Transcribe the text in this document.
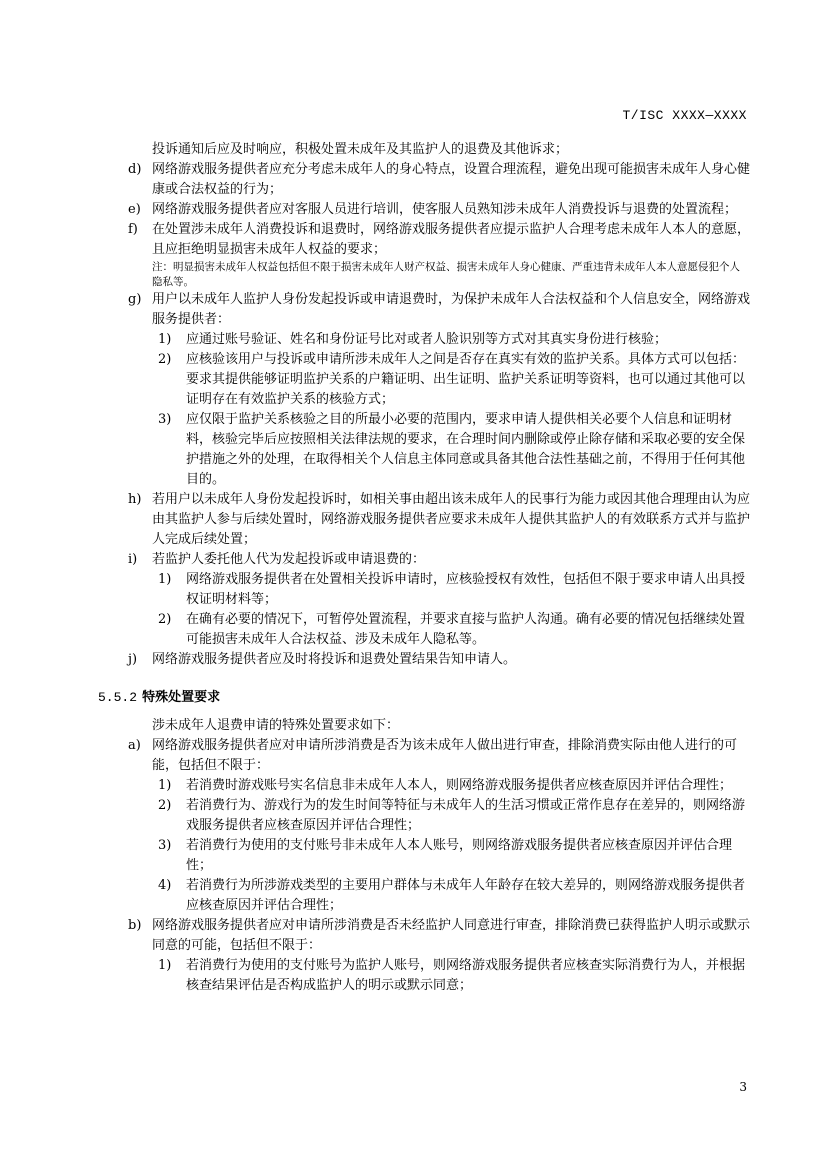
T/ISC XXXX—XXXX

投诉通知后应及时响应，积极处置未成年及其监护人的退费及其他诉求；

d) 网络游戏服务提供者应充分考虑未成年人的身心特点，设置合理流程，避免出现可能损害未成年人身心健康或合法权益的行为；
e) 网络游戏服务提供者应对客服人员进行培训，使客服人员熟知涉未成年人消费投诉与退费的处置流程；
f) 在处置涉未成年人消费投诉和退费时，网络游戏服务提供者应提示监护人合理考虑未成年人本人的意愿，且应拒绝明显损害未成年人权益的要求；
注：明显损害未成年人权益包括但不限于损害未成年人财产权益、损害未成年人身心健康、严重违背未成年人本人意愿侵犯个人隐私等。
g) 用户以未成年人监护人身份发起投诉或申请退费时，为保护未成年人合法权益和个人信息安全，网络游戏服务提供者：
1) 应通过账号验证、姓名和身份证号比对或者人脸识别等方式对其真实身份进行核验；
2) 应核验该用户与投诉或申请所涉未成年人之间是否存在真实有效的监护关系。具体方式可以包括：要求其提供能够证明监护关系的户籍证明、出生证明、监护关系证明等资料，也可以通过其他可以证明存在有效监护关系的核验方式；
3) 应仅限于监护关系核验之目的所最小必要的范围内，要求申请人提供相关必要个人信息和证明材料，核验完毕后应按照相关法律法规的要求，在合理时间内删除或停止除存储和采取必要的安全保护措施之外的处理，在取得相关个人信息主体同意或具备其他合法性基础之前，不得用于任何其他目的。
h) 若用户以未成年人身份发起投诉时，如相关事由超出该未成年人的民事行为能力或因其他合理理由认为应由其监护人参与后续处置时，网络游戏服务提供者应要求未成年人提供其监护人的有效联系方式并与监护人完成后续处置；
i) 若监护人委托他人代为发起投诉或申请退费的：
1) 网络游戏服务提供者在处置相关投诉申请时，应核验授权有效性，包括但不限于要求申请人出具授权证明材料等；
2) 在确有必要的情况下，可暂停处置流程，并要求直接与监护人沟通。确有必要的情况包括继续处置可能损害未成年人合法权益、涉及未成年人隐私等。
j) 网络游戏服务提供者应及时将投诉和退费处置结果告知申请人。
5.5.2 特殊处置要求
涉未成年人退费申请的特殊处置要求如下：
a) 网络游戏服务提供者应对申请所涉消费是否为该未成年人做出进行审查，排除消费实际由他人进行的可能，包括但不限于：
1) 若消费时游戏账号实名信息非未成年人本人，则网络游戏服务提供者应核查原因并评估合理性；
2) 若消费行为、游戏行为的发生时间等特征与未成年人的生活习惯或正常作息存在差异的，则网络游戏服务提供者应核查原因并评估合理性；
3) 若消费行为使用的支付账号非未成年人本人账号，则网络游戏服务提供者应核查原因并评估合理性；
4) 若消费行为所涉游戏类型的主要用户群体与未成年人年龄存在较大差异的，则网络游戏服务提供者应核查原因并评估合理性；
b) 网络游戏服务提供者应对申请所涉消费是否未经监护人同意进行审查，排除消费已获得监护人明示或默示同意的可能，包括但不限于：
1) 若消费行为使用的支付账号为监护人账号，则网络游戏服务提供者应核查实际消费行为人，并根据核查结果评估是否构成监护人的明示或默示同意；
3
